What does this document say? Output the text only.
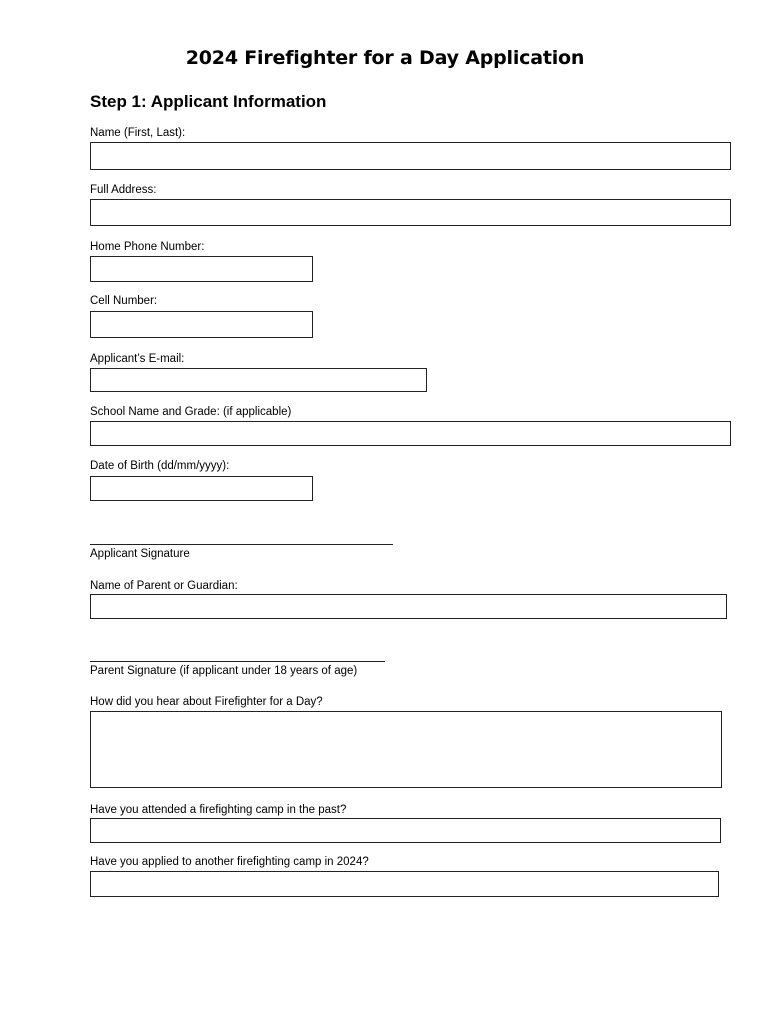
2024 Firefighter for a Day Application
Step 1: Applicant Information
Name (First, Last):
Full Address:
Home Phone Number:
Cell Number:
Applicant’s E-mail:
School Name and Grade: (if applicable)
Date of Birth (dd/mm/yyyy):
Applicant Signature
Name of Parent or Guardian:
Parent Signature (if applicant under 18 years of age)
How did you hear about Firefighter for a Day?
Have you attended a firefighting camp in the past?
Have you applied to another firefighting camp in 2024?
